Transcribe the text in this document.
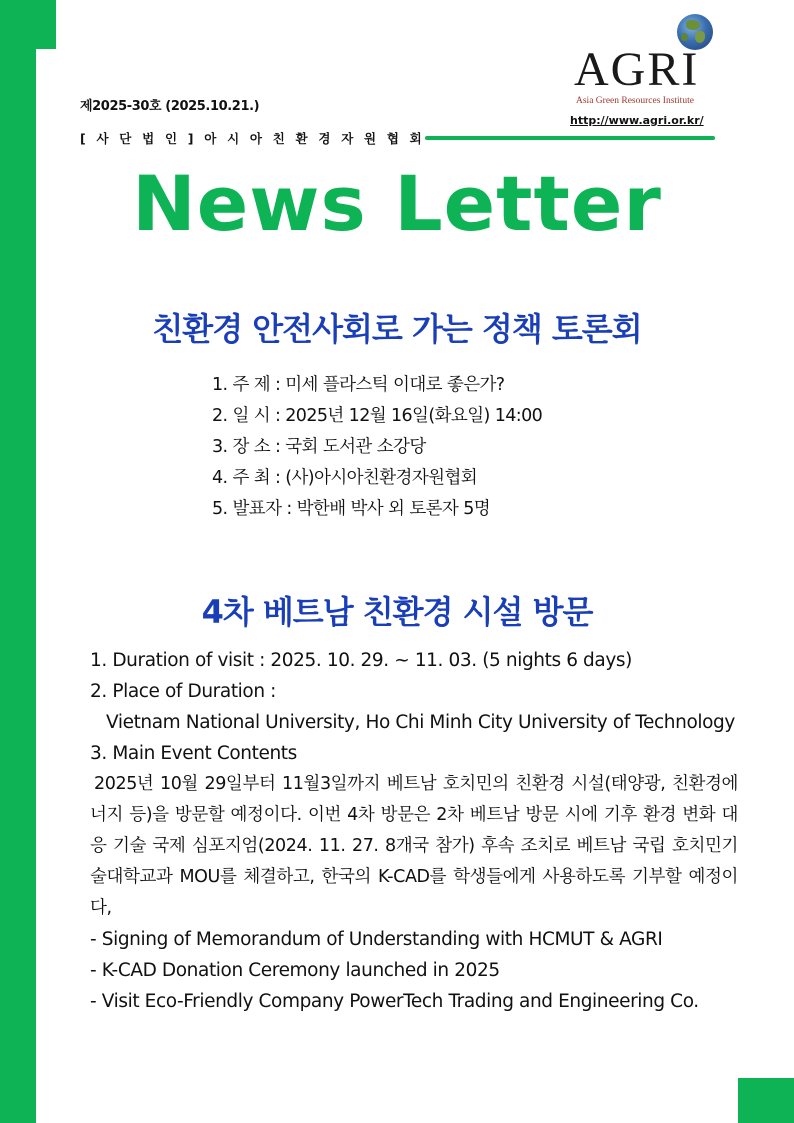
제2025-30호 (2025.10.21.)
[ 사 단 법 인 ] 아 시 아 친 환 경 자 원 협 회
AGRI
Asia Green Resources Institute
http://www.agri.or.kr/
News Letter
친환경 안전사회로 가는 정책 토론회
1. 주 제 : 미세 플라스틱 이대로 좋은가?
2. 일 시 : 2025년 12월 16일(화요일) 14:00
3. 장 소 : 국회 도서관 소강당
4. 주 최 : (사)아시아친환경자원협회
5. 발표자 : 박한배 박사 외 토론자 5명
4차 베트남 친환경 시설 방문
1. Duration of visit : 2025. 10. 29. ~ 11. 03. (5 nights 6 days)
2. Place of Duration :
Vietnam National University, Ho Chi Minh City University of Technology
3. Main Event Contents
2025년 10월 29일부터 11월3일까지 베트남 호치민의 친환경 시설(태양광, 친환경에너지 등)을 방문할 예정이다. 이번 4차 방문은 2차 베트남 방문 시에 기후 환경 변화 대응 기술 국제 심포지엄(2024. 11. 27. 8개국 참가) 후속 조치로 베트남 국립 호치민기술대학교과 MOU를 체결하고, 한국의 K-CAD를 학생들에게 사용하도록 기부할 예정이다,
- Signing of Memorandum of Understanding with HCMUT & AGRI
- K-CAD Donation Ceremony launched in 2025
- Visit Eco-Friendly Company PowerTech Trading and Engineering Co.
